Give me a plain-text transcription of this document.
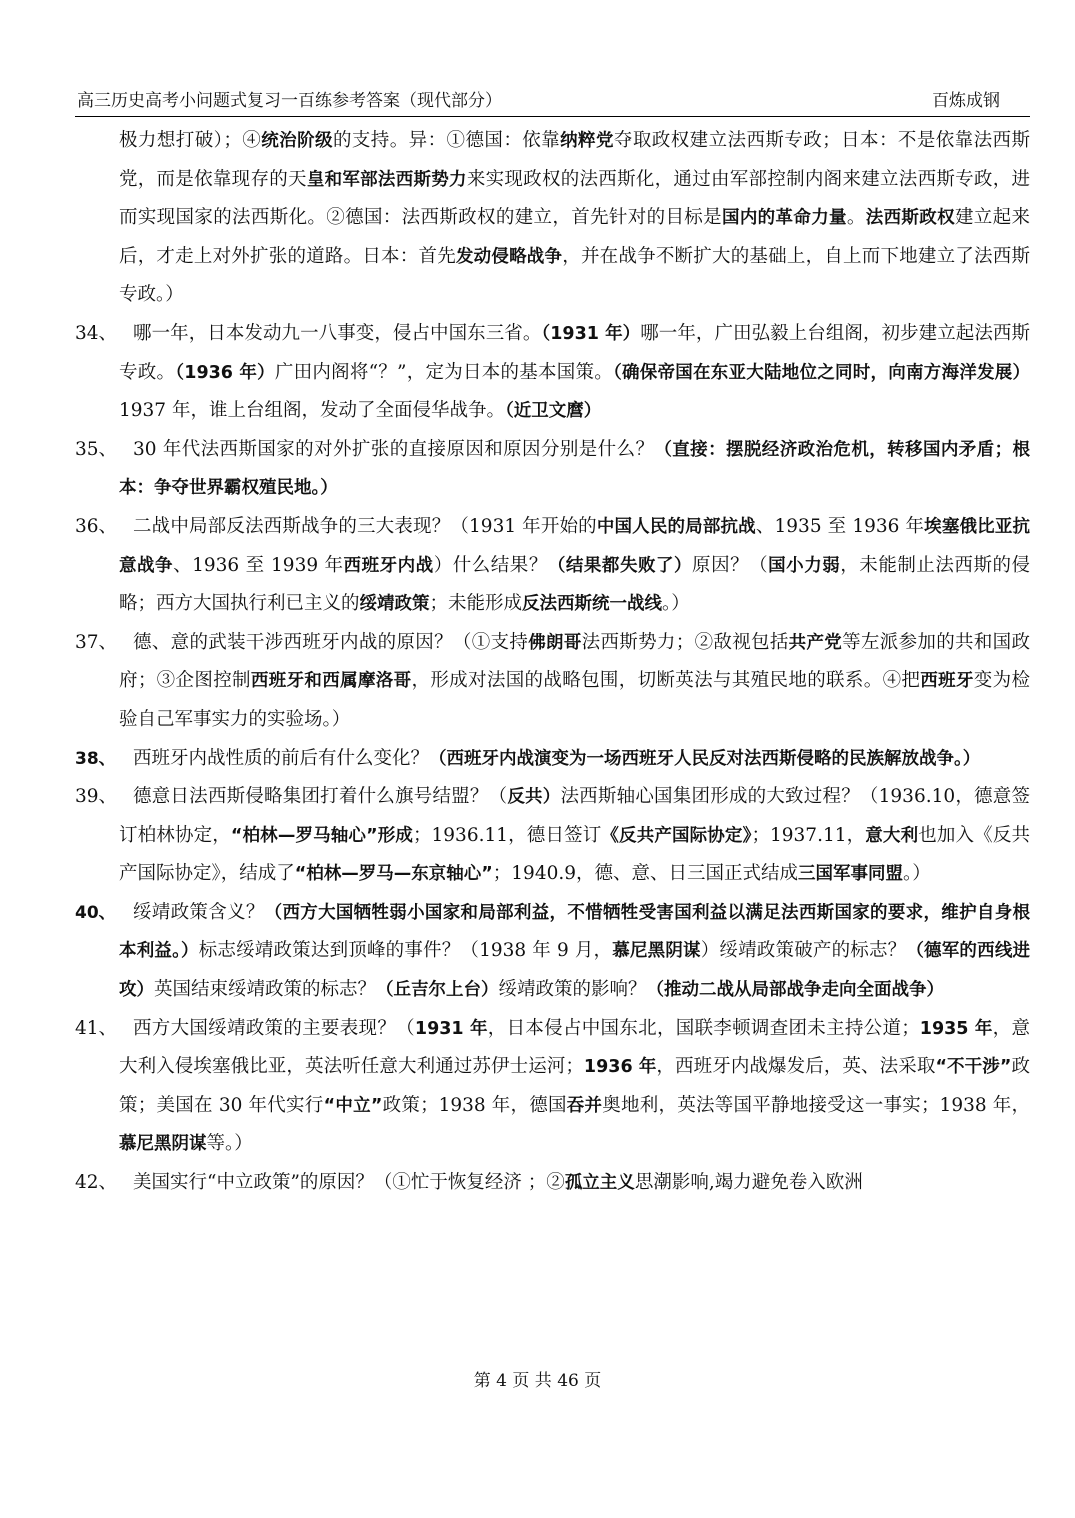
高三历史高考小问题式复习一百练参考答案（现代部分）	百炼成钢
极力想打破）；④统治阶级的支持。异：①德国：依靠纳粹党夺取政权建立法西斯专政；日本：不是依靠法西斯党，而是依靠现存的天皇和军部法西斯势力来实现政权的法西斯化，通过由军部控制内阁来建立法西斯专政，进而实现国家的法西斯化。②德国：法西斯政权的建立，首先针对的目标是国内的革命力量。法西斯政权建立起来后，才走上对外扩张的道路。日本：首先发动侵略战争，并在战争不断扩大的基础上，自上而下地建立了法西斯专政。）
34、 哪一年，日本发动九一八事变，侵占中国东三省。（1931 年）哪一年，广田弘毅上台组阁，初步建立起法西斯专政。（1936 年）广田内阁将“？”，定为日本的基本国策。（确保帝国在东亚大陆地位之同时，向南方海洋发展）1937 年，谁上台组阁，发动了全面侵华战争。（近卫文麿）
35、 30 年代法西斯国家的对外扩张的直接原因和原因分别是什么？（直接：摆脱经济政治危机，转移国内矛盾；根本：争夺世界霸权殖民地。）
36、 二战中局部反法西斯战争的三大表现？（1931 年开始的中国人民的局部抗战、1935 至 1936 年埃塞俄比亚抗意战争、1936 至 1939 年西班牙内战）什么结果？（结果都失败了）原因？（国小力弱，未能制止法西斯的侵略；西方大国执行利已主义的绥靖政策；未能形成反法西斯统一战线。）
37、 德、意的武装干涉西班牙内战的原因？（①支持佛朗哥法西斯势力；②敌视包括共产党等左派参加的共和国政府；③企图控制西班牙和西属摩洛哥，形成对法国的战略包围，切断英法与其殖民地的联系。④把西班牙变为检验自己军事实力的实验场。）
38、 西班牙内战性质的前后有什么变化？（西班牙内战演变为一场西班牙人民反对法西斯侵略的民族解放战争。）
39、 德意日法西斯侵略集团打着什么旗号结盟？（反共）法西斯轴心国集团形成的大致过程？（1936.10，德意签订柏林协定，“柏林—罗马轴心”形成；1936.11，德日签订《反共产国际协定》；1937.11，意大利也加入《反共产国际协定》，结成了“柏林—罗马—东京轴心”；1940.9，德、意、日三国正式结成三国军事同盟。）
40、 绥靖政策含义？（西方大国牺牲弱小国家和局部利益，不惜牺牲受害国利益以满足法西斯国家的要求，维护自身根本利益。）标志绥靖政策达到顶峰的事件？（1938 年 9 月，慕尼黑阴谋）绥靖政策破产的标志？（德军的西线进攻）英国结束绥靖政策的标志？（丘吉尔上台）绥靖政策的影响？（推动二战从局部战争走向全面战争）
41、 西方大国绥靖政策的主要表现？（1931 年，日本侵占中国东北，国联李顿调查团未主持公道；1935 年，意大利入侵埃塞俄比亚，英法听任意大利通过苏伊士运河；1936 年，西班牙内战爆发后，英、法采取“不干涉”政策；美国在 30 年代实行“中立”政策；1938 年，德国吞并奥地利，英法等国平静地接受这一事实；1938 年，慕尼黑阴谋等。）
42、 美国实行“中立政策”的原因？（①忙于恢复经济 ；②孤立主义思潮影响,竭力避免卷入欧洲
第 4 页 共 46 页
